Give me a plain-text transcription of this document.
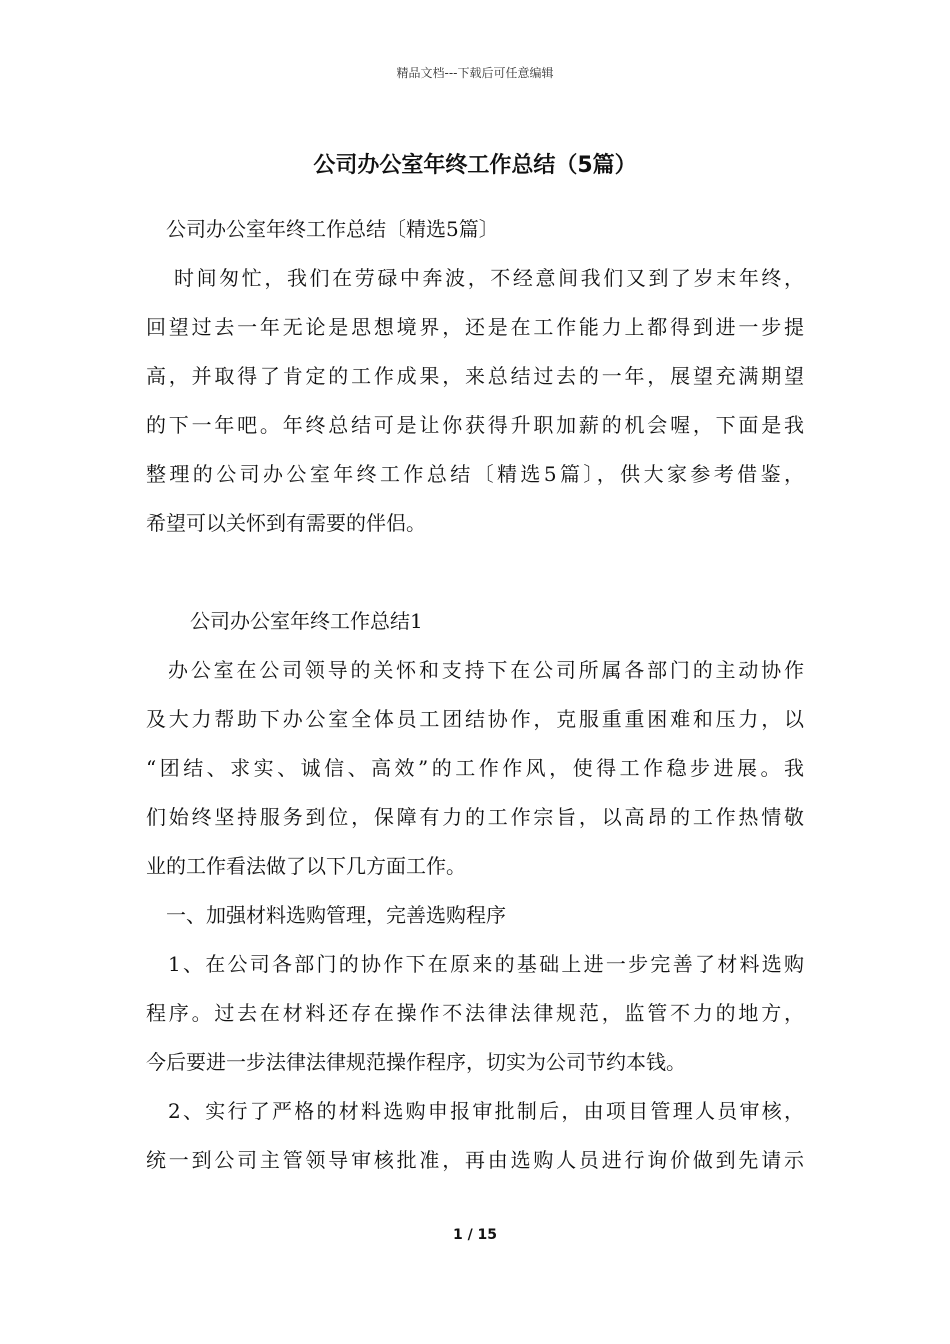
精品文档---下载后可任意编辑
公司办公室年终工作总结（5篇）
公司办公室年终工作总结〔精选5篇〕
时间匆忙，我们在劳碌中奔波，不经意间我们又到了岁末年终，
回望过去一年无论是思想境界，还是在工作能力上都得到进一步提
高，并取得了肯定的工作成果，来总结过去的一年，展望充满期望
的下一年吧。年终总结可是让你获得升职加薪的机会喔，下面是我
整理的公司办公室年终工作总结〔精选5篇〕，供大家参考借鉴，
希望可以关怀到有需要的伴侣。
公司办公室年终工作总结1
办公室在公司领导的关怀和支持下在公司所属各部门的主动协作
及大力帮助下办公室全体员工团结协作，克服重重困难和压力，以
“团结、求实、诚信、高效”的工作作风，使得工作稳步进展。我
们始终坚持服务到位，保障有力的工作宗旨，以高昂的工作热情敬
业的工作看法做了以下几方面工作。
一、加强材料选购管理，完善选购程序
1、在公司各部门的协作下在原来的基础上进一步完善了材料选购
程序。过去在材料还存在操作不法律法律规范，监管不力的地方，
今后要进一步法律法律规范操作程序，切实为公司节约本钱。
2、实行了严格的材料选购申报审批制后，由项目管理人员审核，
统一到公司主管领导审核批准，再由选购人员进行询价做到先请示
1 / 15
